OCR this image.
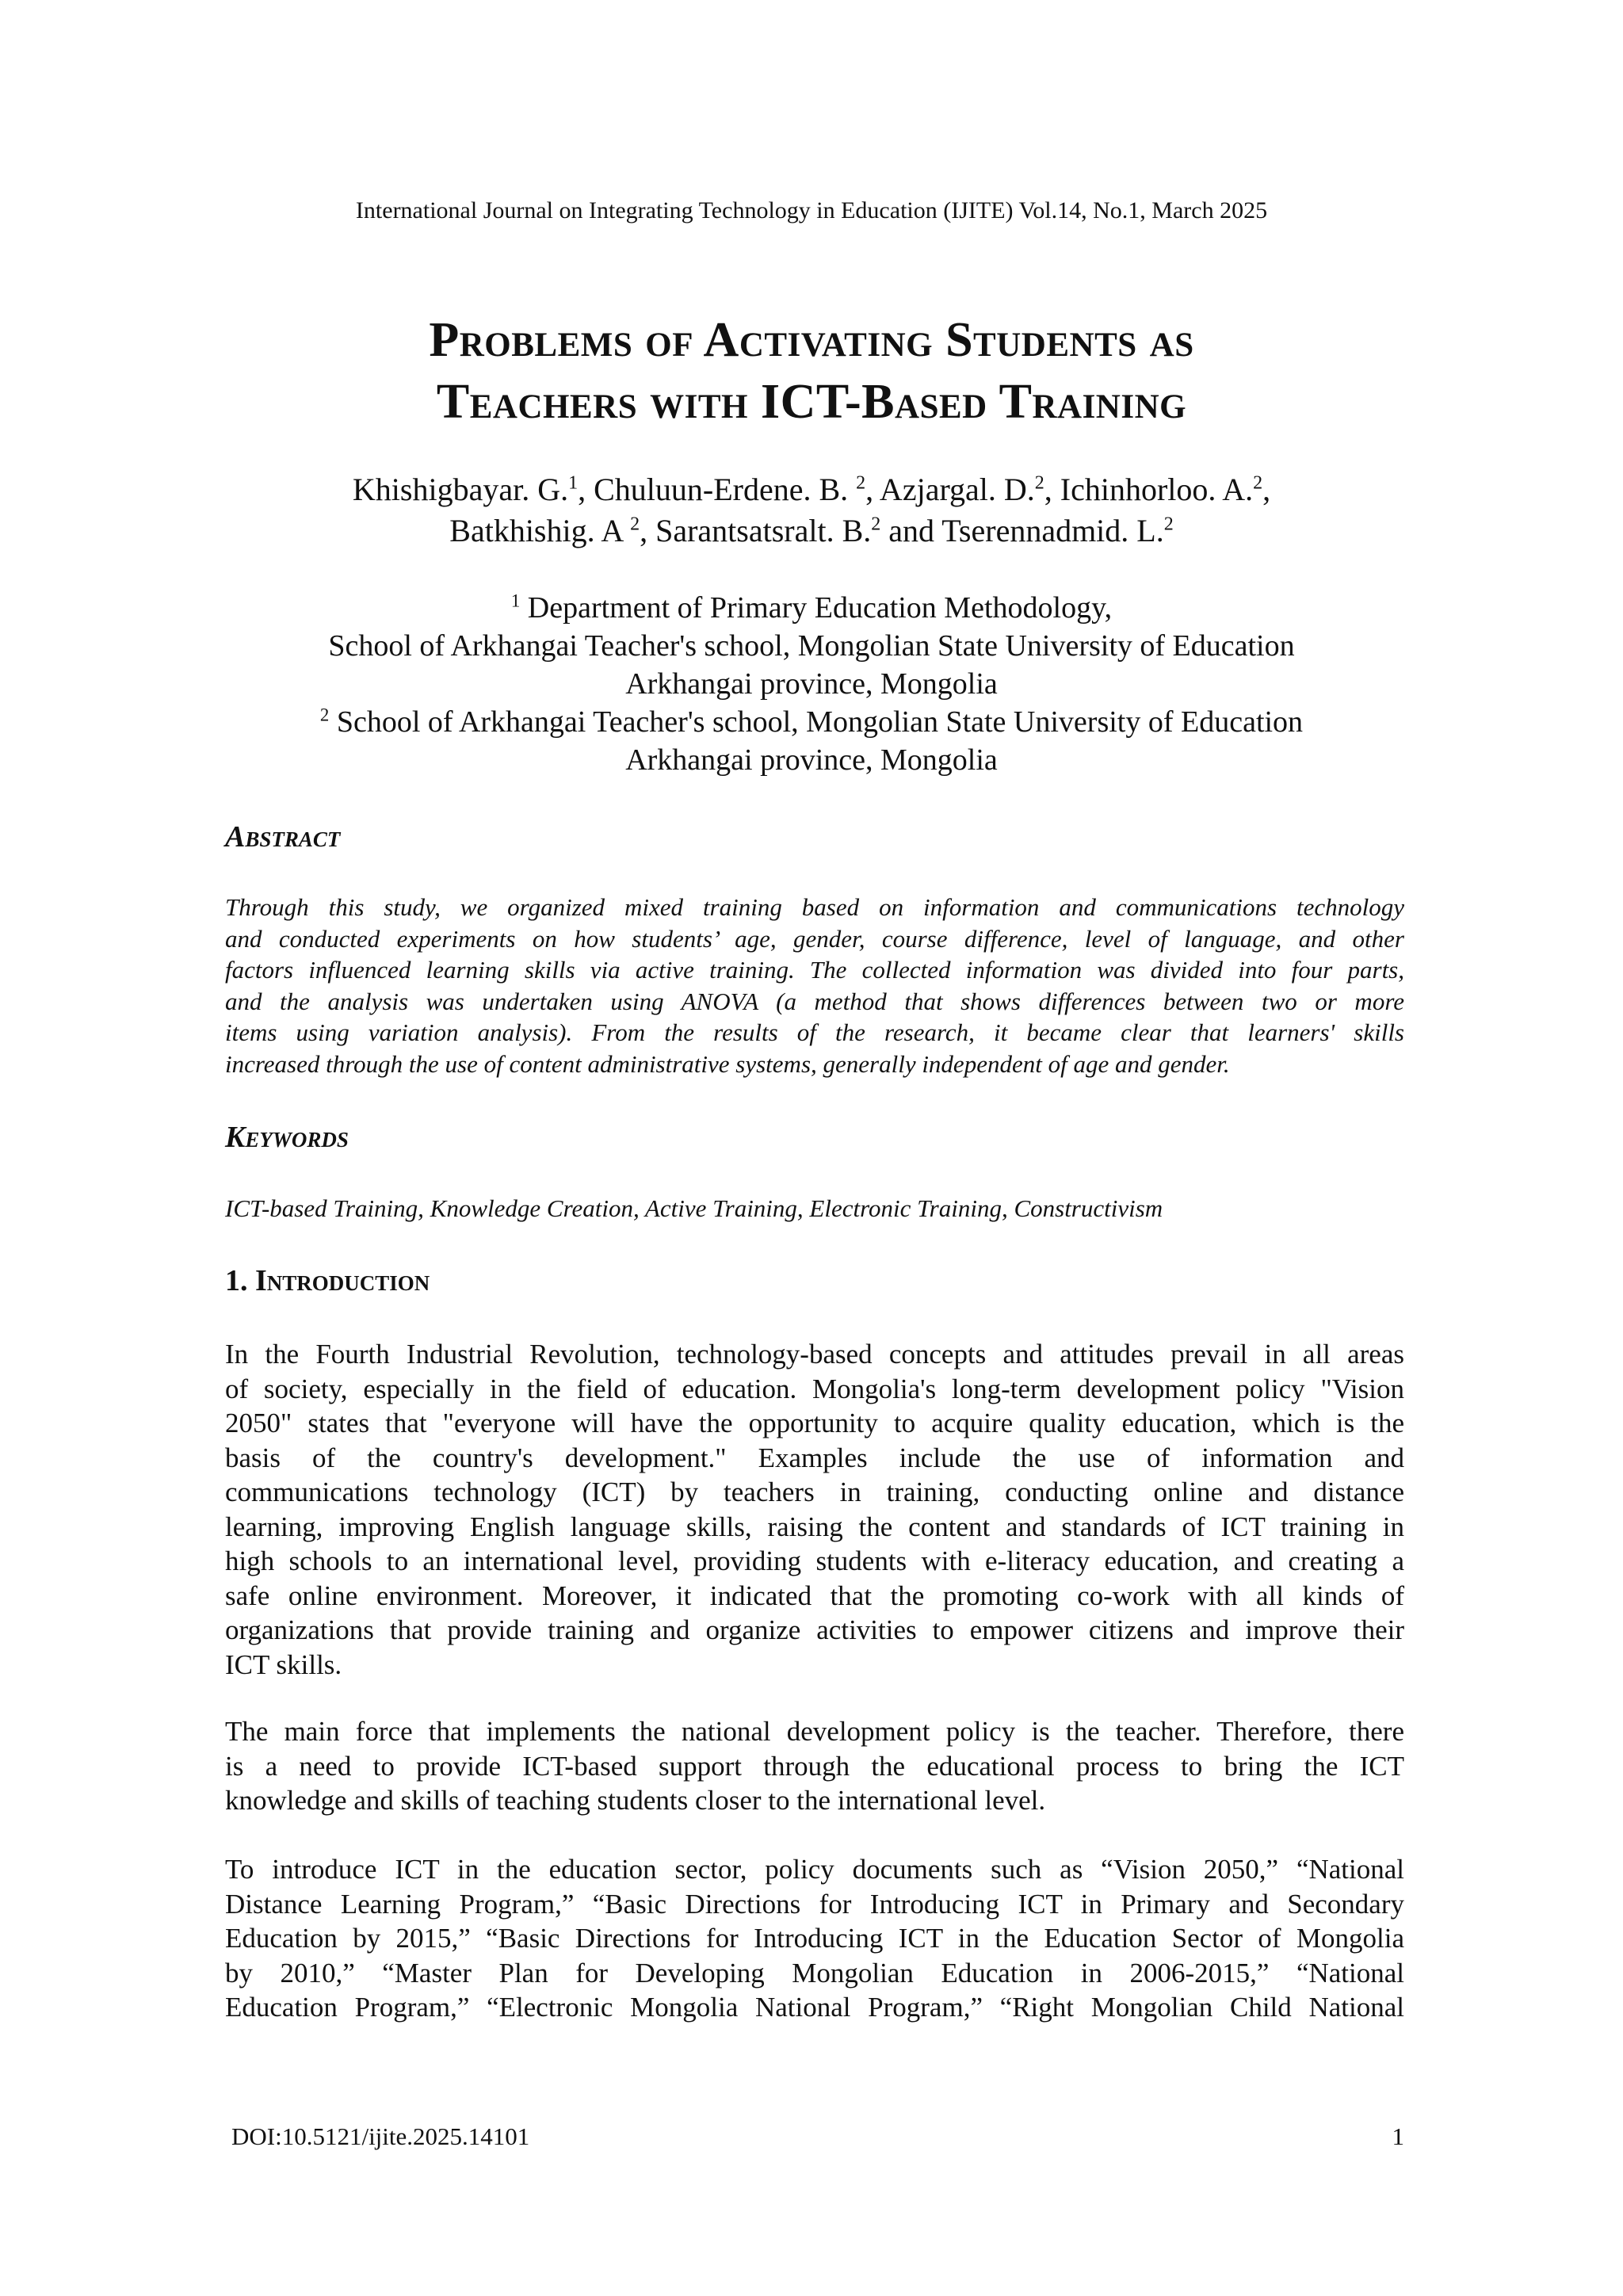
International Journal on Integrating Technology in Education (IJITE) Vol.14, No.1, March 2025
Problems of Activating Students as
Teachers with ICT-Based Training
Khishigbayar. G.$^1$, Chuluun-Erdene. B. $^2$, Azjargal. D.$^2$, Ichinhorloo. A.$^2$,
Batkhishig. A $^2$, Sarantsatsralt. B.$^2$ and Tserennadmid. L.$^2$
$^1$ Department of Primary Education Methodology,
School of Arkhangai Teacher's school, Mongolian State University of Education
Arkhangai province, Mongolia
$^2$ School of Arkhangai Teacher's school, Mongolian State University of Education
Arkhangai province, Mongolia
Abstract
Through this study, we organized mixed training based on information and communications technology
and conducted experiments on how students’ age, gender, course difference, level of language, and other
factors influenced learning skills via active training. The collected information was divided into four parts,
and the analysis was undertaken using ANOVA (a method that shows differences between two or more
items using variation analysis). From the results of the research, it became clear that learners' skills
increased through the use of content administrative systems, generally independent of age and gender.
Keywords
ICT-based Training, Knowledge Creation, Active Training, Electronic Training, Constructivism
1. Introduction
In the Fourth Industrial Revolution, technology-based concepts and attitudes prevail in all areas
of society, especially in the field of education. Mongolia's long-term development policy "Vision
2050" states that "everyone will have the opportunity to acquire quality education, which is the
basis of the country's development." Examples include the use of information and
communications technology (ICT) by teachers in training, conducting online and distance
learning, improving English language skills, raising the content and standards of ICT training in
high schools to an international level, providing students with e-literacy education, and creating a
safe online environment. Moreover, it indicated that the promoting co-work with all kinds of
organizations that provide training and organize activities to empower citizens and improve their
ICT skills.
The main force that implements the national development policy is the teacher. Therefore, there
is a need to provide ICT-based support through the educational process to bring the ICT
knowledge and skills of teaching students closer to the international level.
To introduce ICT in the education sector, policy documents such as “Vision 2050,” “National
Distance Learning Program,” “Basic Directions for Introducing ICT in Primary and Secondary
Education by 2015,” “Basic Directions for Introducing ICT in the Education Sector of Mongolia
by 2010,” “Master Plan for Developing Mongolian Education in 2006-2015,” “National
Education Program,” “Electronic Mongolia National Program,” “Right Mongolian Child National
DOI:10.5121/ijite.2025.14101	1
